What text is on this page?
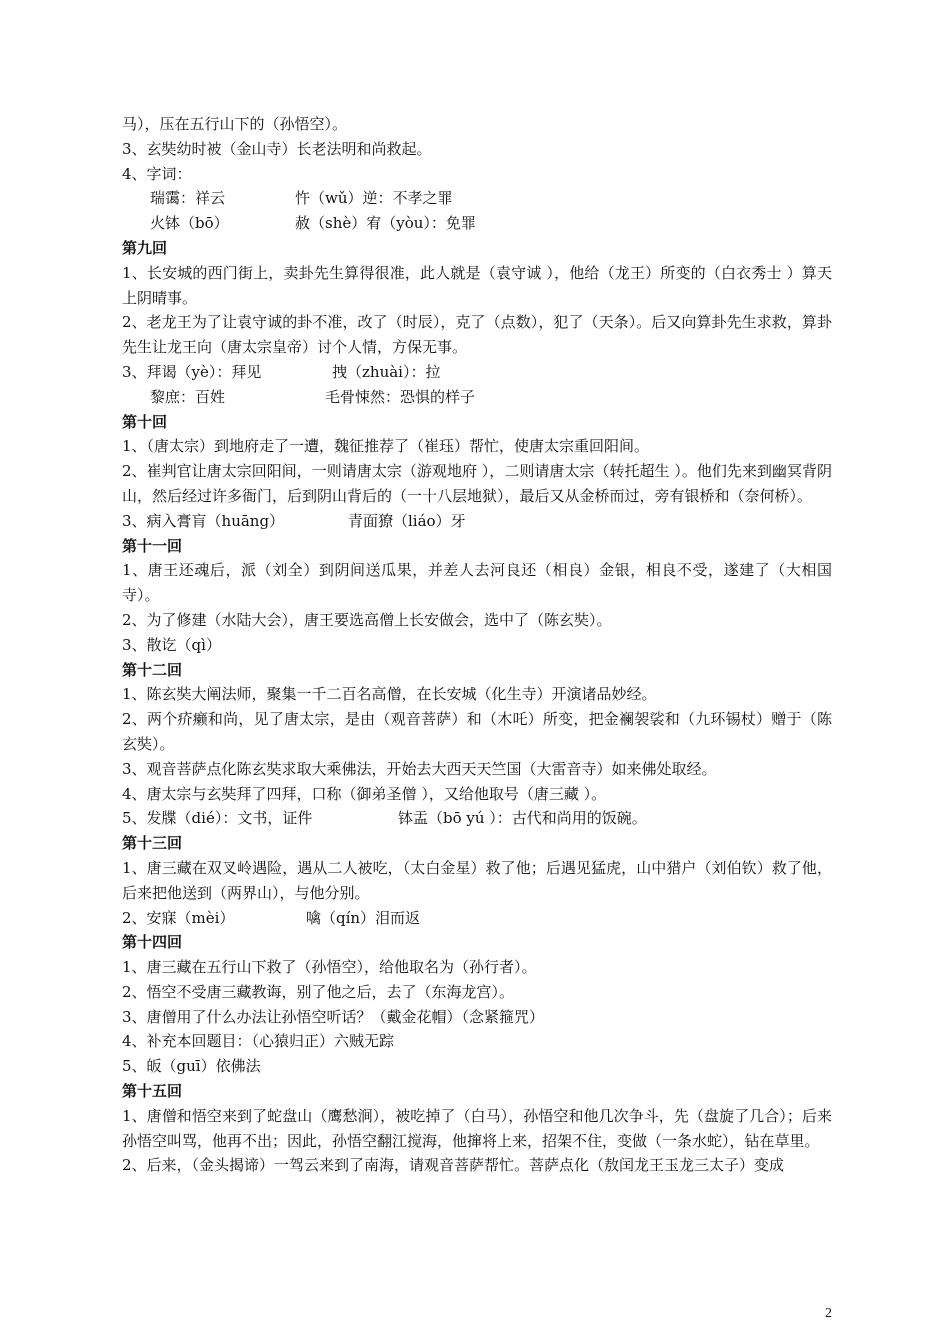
马），压在五行山下的（孙悟空）。
3、玄奘幼时被（金山寺）长老法明和尚救起。
4、字词：
瑞霭：祥云	忤（wǔ）逆：不孝之罪
火钵（bō）	赦（shè）宥（yòu）：免罪
第九回
1、长安城的西门街上，卖卦先生算得很准，此人就是（袁守诚 ），他给（龙王）所变的（白衣秀士 ）算天上阴晴事。
2、老龙王为了让袁守诚的卦不准，改了（时辰），克了（点数），犯了（天条）。后又向算卦先生求救，算卦先生让龙王向（唐太宗皇帝）讨个人情，方保无事。
3、拜谒（yè）：拜见	拽（zhuài）：拉
黎庶：百姓	毛骨悚然：恐惧的样子
第十回
1、（唐太宗）到地府走了一遭，魏征推荐了（崔珏）帮忙，使唐太宗重回阳间。
2、崔判官让唐太宗回阳间，一则请唐太宗（游观地府 ），二则请唐太宗（转托超生 ）。他们先来到幽冥背阴山，然后经过许多衙门，后到阴山背后的（一十八层地狱），最后又从金桥而过，旁有银桥和（奈何桥）。
3、病入膏肓（huāng）	青面獠（liáo）牙
第十一回
1、唐王还魂后，派（刘全）到阴间送瓜果，并差人去河良还（相良）金银，相良不受，遂建了（大相国寺）。
2、为了修建（水陆大会），唐王要选高僧上长安做会，选中了（陈玄奘）。
3、散讫（qì）
第十二回
1、陈玄奘大阐法师，聚集一千二百名高僧，在长安城（化生寺）开演诸品妙经。
2、两个疥癞和尚，见了唐太宗，是由（观音菩萨）和（木吒）所变，把金襕袈裟和（九环锡杖）赠于（陈玄奘）。
3、观音菩萨点化陈玄奘求取大乘佛法，开始去大西天天竺国（大雷音寺）如来佛处取经。
4、唐太宗与玄奘拜了四拜，口称（御弟圣僧 ），又给他取号（唐三藏 ）。
5、发牒（dié）：文书，证件	钵盂（bō yú ）：古代和尚用的饭碗。
第十三回
1、唐三藏在双叉岭遇险，遇从二人被吃，（太白金星）救了他；后遇见猛虎，山中猎户（刘伯钦）救了他，后来把他送到（两界山），与他分别。
2、安寐（mèi）	噙（qín）泪而返
第十四回
1、唐三藏在五行山下救了（孙悟空），给他取名为（孙行者）。
2、悟空不受唐三藏教诲，别了他之后，去了（东海龙宫）。
3、唐僧用了什么办法让孙悟空听话？（戴金花帽）（念紧箍咒）
4、补充本回题目：（心猿归正）六贼无踪
5、皈（guī）依佛法
第十五回
1、唐僧和悟空来到了蛇盘山（鹰愁涧），被吃掉了（白马），孙悟空和他几次争斗，先（盘旋了几合）；后来孙悟空叫骂，他再不出；因此，孙悟空翻江搅海，他撺将上来，招架不住，变做（一条水蛇），钻在草里。
2、后来，（金头揭谛）一驾云来到了南海，请观音菩萨帮忙。菩萨点化（敖闰龙王玉龙三太子）变成
2
